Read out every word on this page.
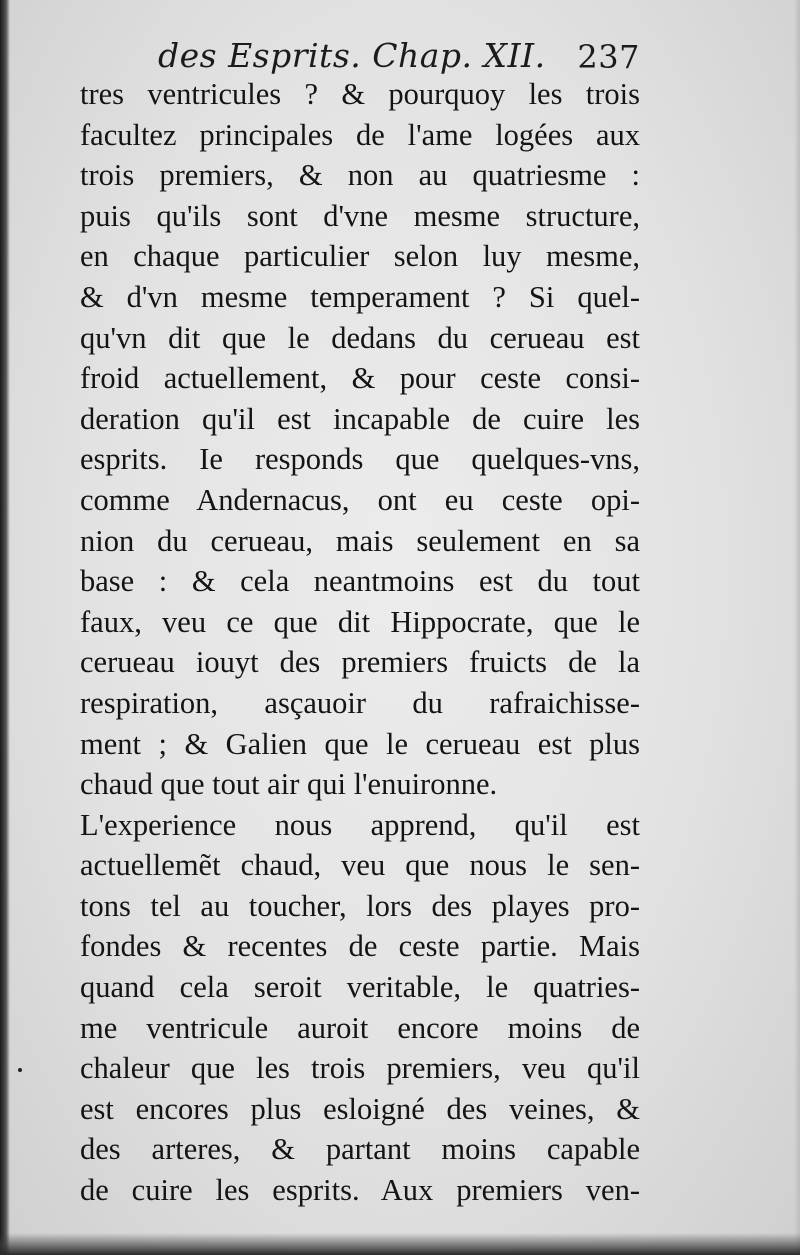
des Esprits. Chap. XII. 237
tres ventricules ? & pourquoy les trois
facultez principales de l'ame logées aux
trois premiers, & non au quatriesme :
puis qu'ils sont d'vne mesme structure,
en chaque particulier selon luy mesme,
& d'vn mesme temperament ? Si quel-
qu'vn dit que le dedans du cerueau est
froid actuellement, & pour ceste consi-
deration qu'il est incapable de cuire les
esprits. Ie responds que quelques-vns,
comme Andernacus, ont eu ceste opi-
nion du cerueau, mais seulement en sa
base : & cela neantmoins est du tout
faux, veu ce que dit Hippocrate, que le
cerueau iouyt des premiers fruicts de la
respiration, asçauoir du rafraichisse-
ment ; & Galien que le cerueau est plus
chaud que tout air qui l'enuironne.
L'experience nous apprend, qu'il est
actuellemẽt chaud, veu que nous le sen-
tons tel au toucher, lors des playes pro-
fondes & recentes de ceste partie. Mais
quand cela seroit veritable, le quatries-
me ventricule auroit encore moins de
chaleur que les trois premiers, veu qu'il
est encores plus esloigné des veines, &
des arteres, & partant moins capable
de cuire les esprits. Aux premiers ven-
